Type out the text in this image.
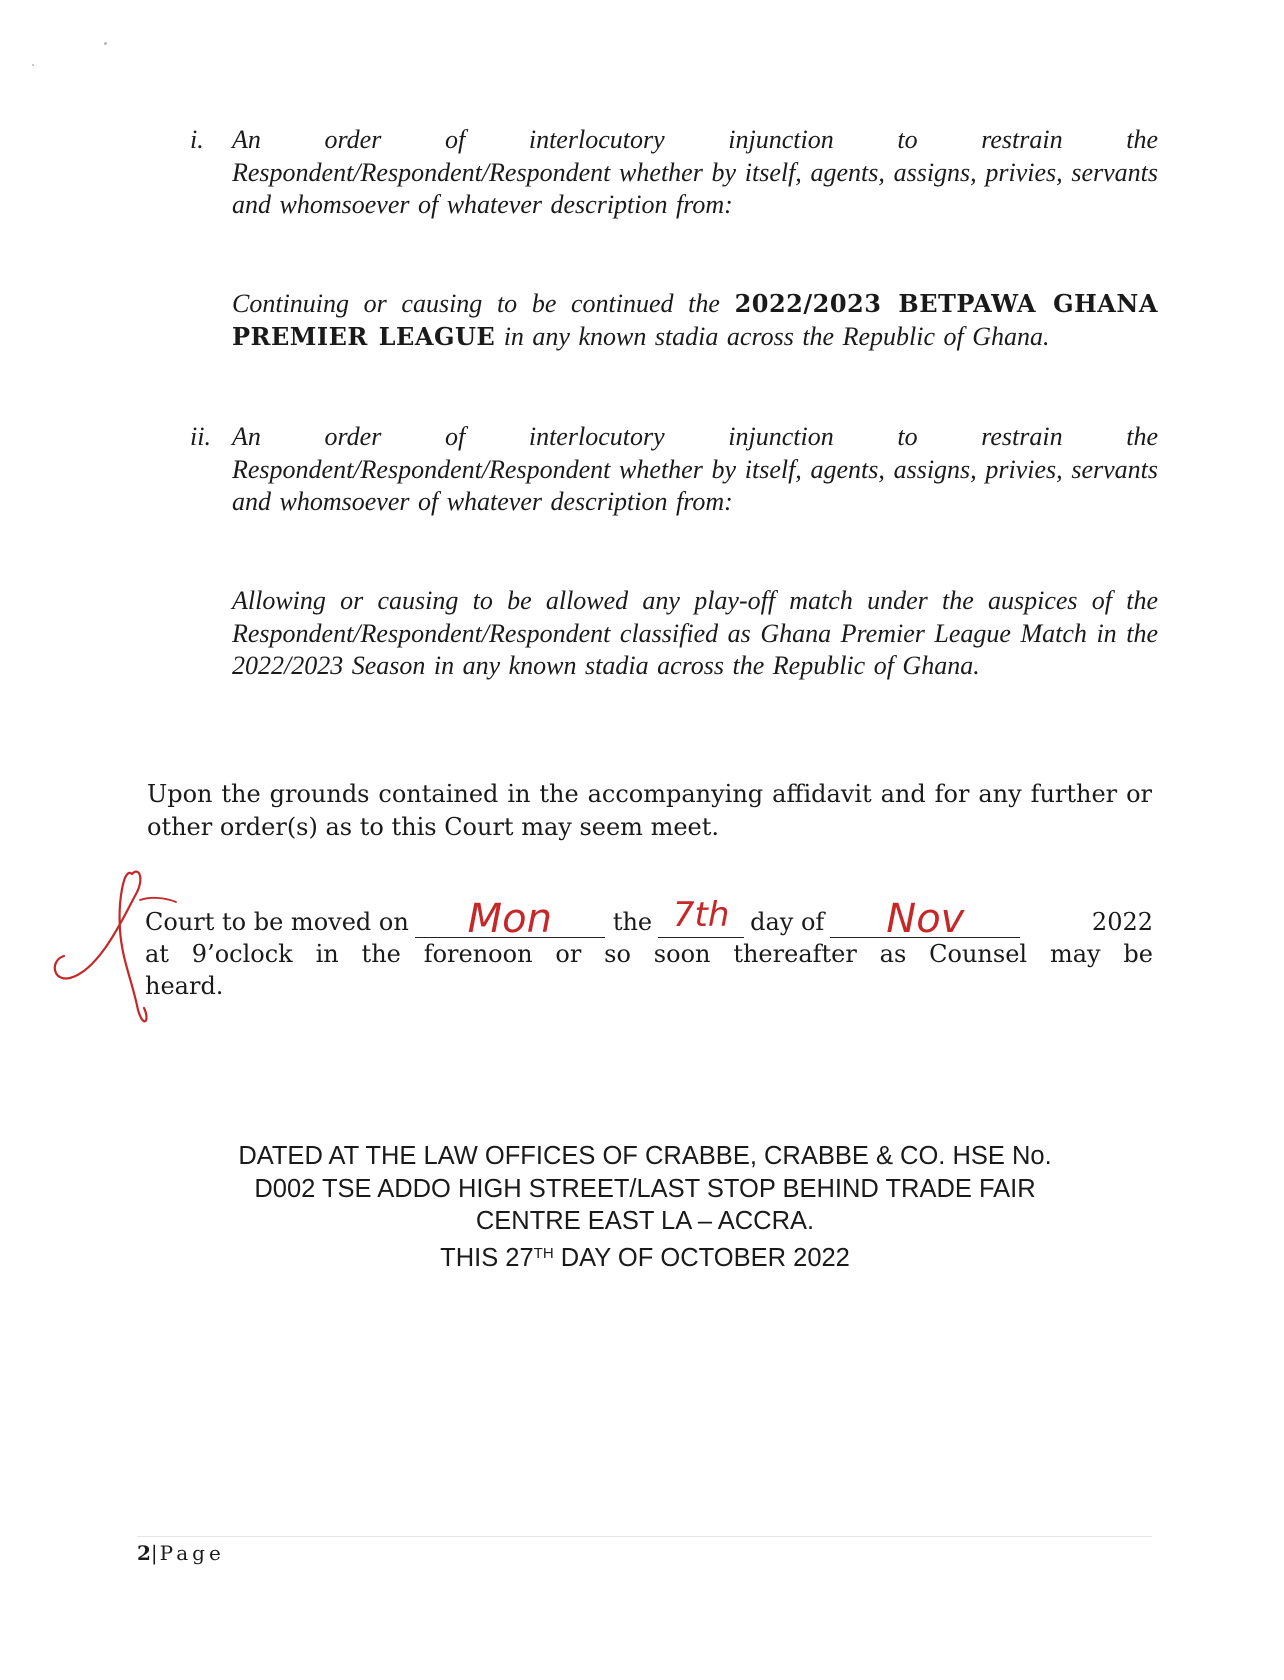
i.	An order of interlocutory injunction to restrain the Respondent/Respondent/Respondent whether by itself, agents, assigns, privies, servants and whomsoever of whatever description from:
Continuing or causing to be continued the 2022/2023 BETPAWA GHANA PREMIER LEAGUE in any known stadia across the Republic of Ghana.
ii. An order of interlocutory injunction to restrain the Respondent/Respondent/Respondent whether by itself, agents, assigns, privies, servants and whomsoever of whatever description from:
Allowing or causing to be allowed any play-off match under the auspices of the Respondent/Respondent/Respondent classified as Ghana Premier League Match in the 2022/2023 Season in any known stadia across the Republic of Ghana.
Upon the grounds contained in the accompanying affidavit and for any further or other order(s) as to this Court may seem meet.
Court to be moved on	Mon	the 7th day of	Nov	2022
at 9’oclock in the forenoon or so soon thereafter as Counsel may be
heard.
DATED AT THE LAW OFFICES OF CRABBE, CRABBE & CO. HSE No.
D002 TSE ADDO HIGH STREET/LAST STOP BEHIND TRADE FAIR
CENTRE EAST LA – ACCRA.
THIS 27TH DAY OF OCTOBER 2022
2| Page
